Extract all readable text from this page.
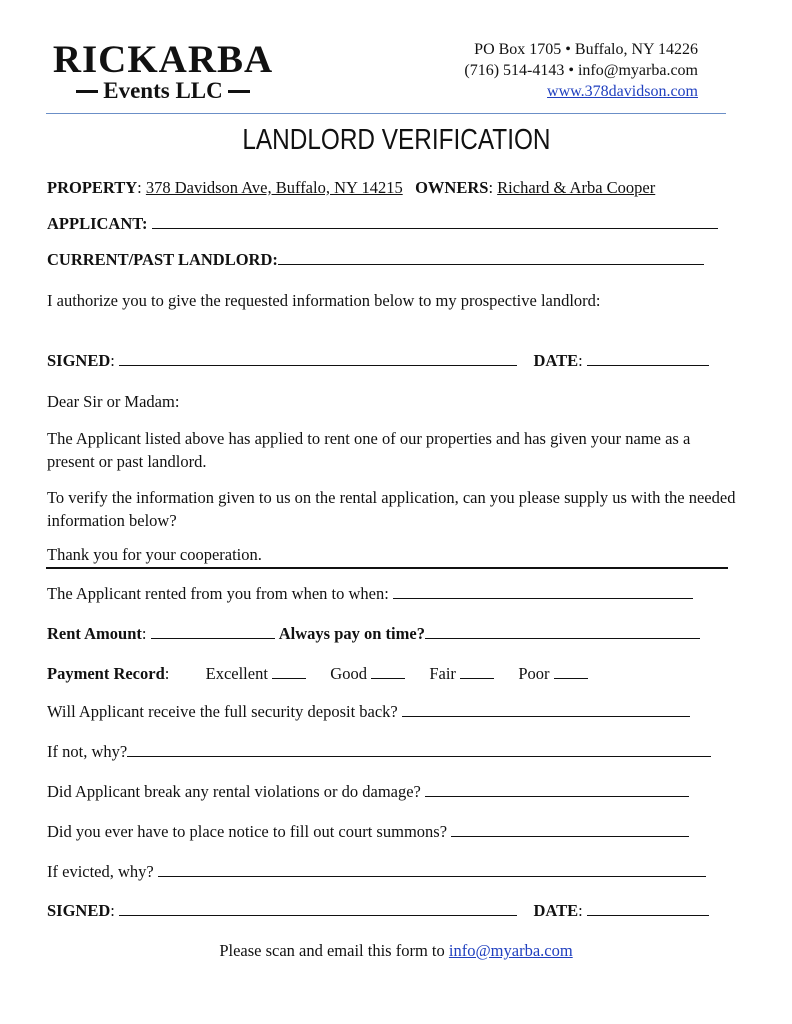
RICKARBA
Events LLC
PO Box 1705 • Buffalo, NY 14226
(716) 514-4143 • info@myarba.com
www.378davidson.com
LANDLORD VERIFICATION
PROPERTY: 378 Davidson Ave, Buffalo, NY 14215 OWNERS: Richard & Arba Cooper
APPLICANT:
CURRENT/PAST LANDLORD:
I authorize you to give the requested information below to my prospective landlord:
SIGNED:	DATE:
Dear Sir or Madam:
The Applicant listed above has applied to rent one of our properties and has given your name as a present or past landlord.
To verify the information given to us on the rental application, can you please supply us with the needed information below?
Thank you for your cooperation.
The Applicant rented from you from when to when:
Rent Amount:	Always pay on time?
Payment Record:  Excellent	Good	Fair	Poor
Will Applicant receive the full security deposit back?
If not, why?
Did Applicant break any rental violations or do damage?
Did you ever have to place notice to fill out court summons?
If evicted, why?
SIGNED:	DATE:
Please scan and email this form to info@myarba.com
